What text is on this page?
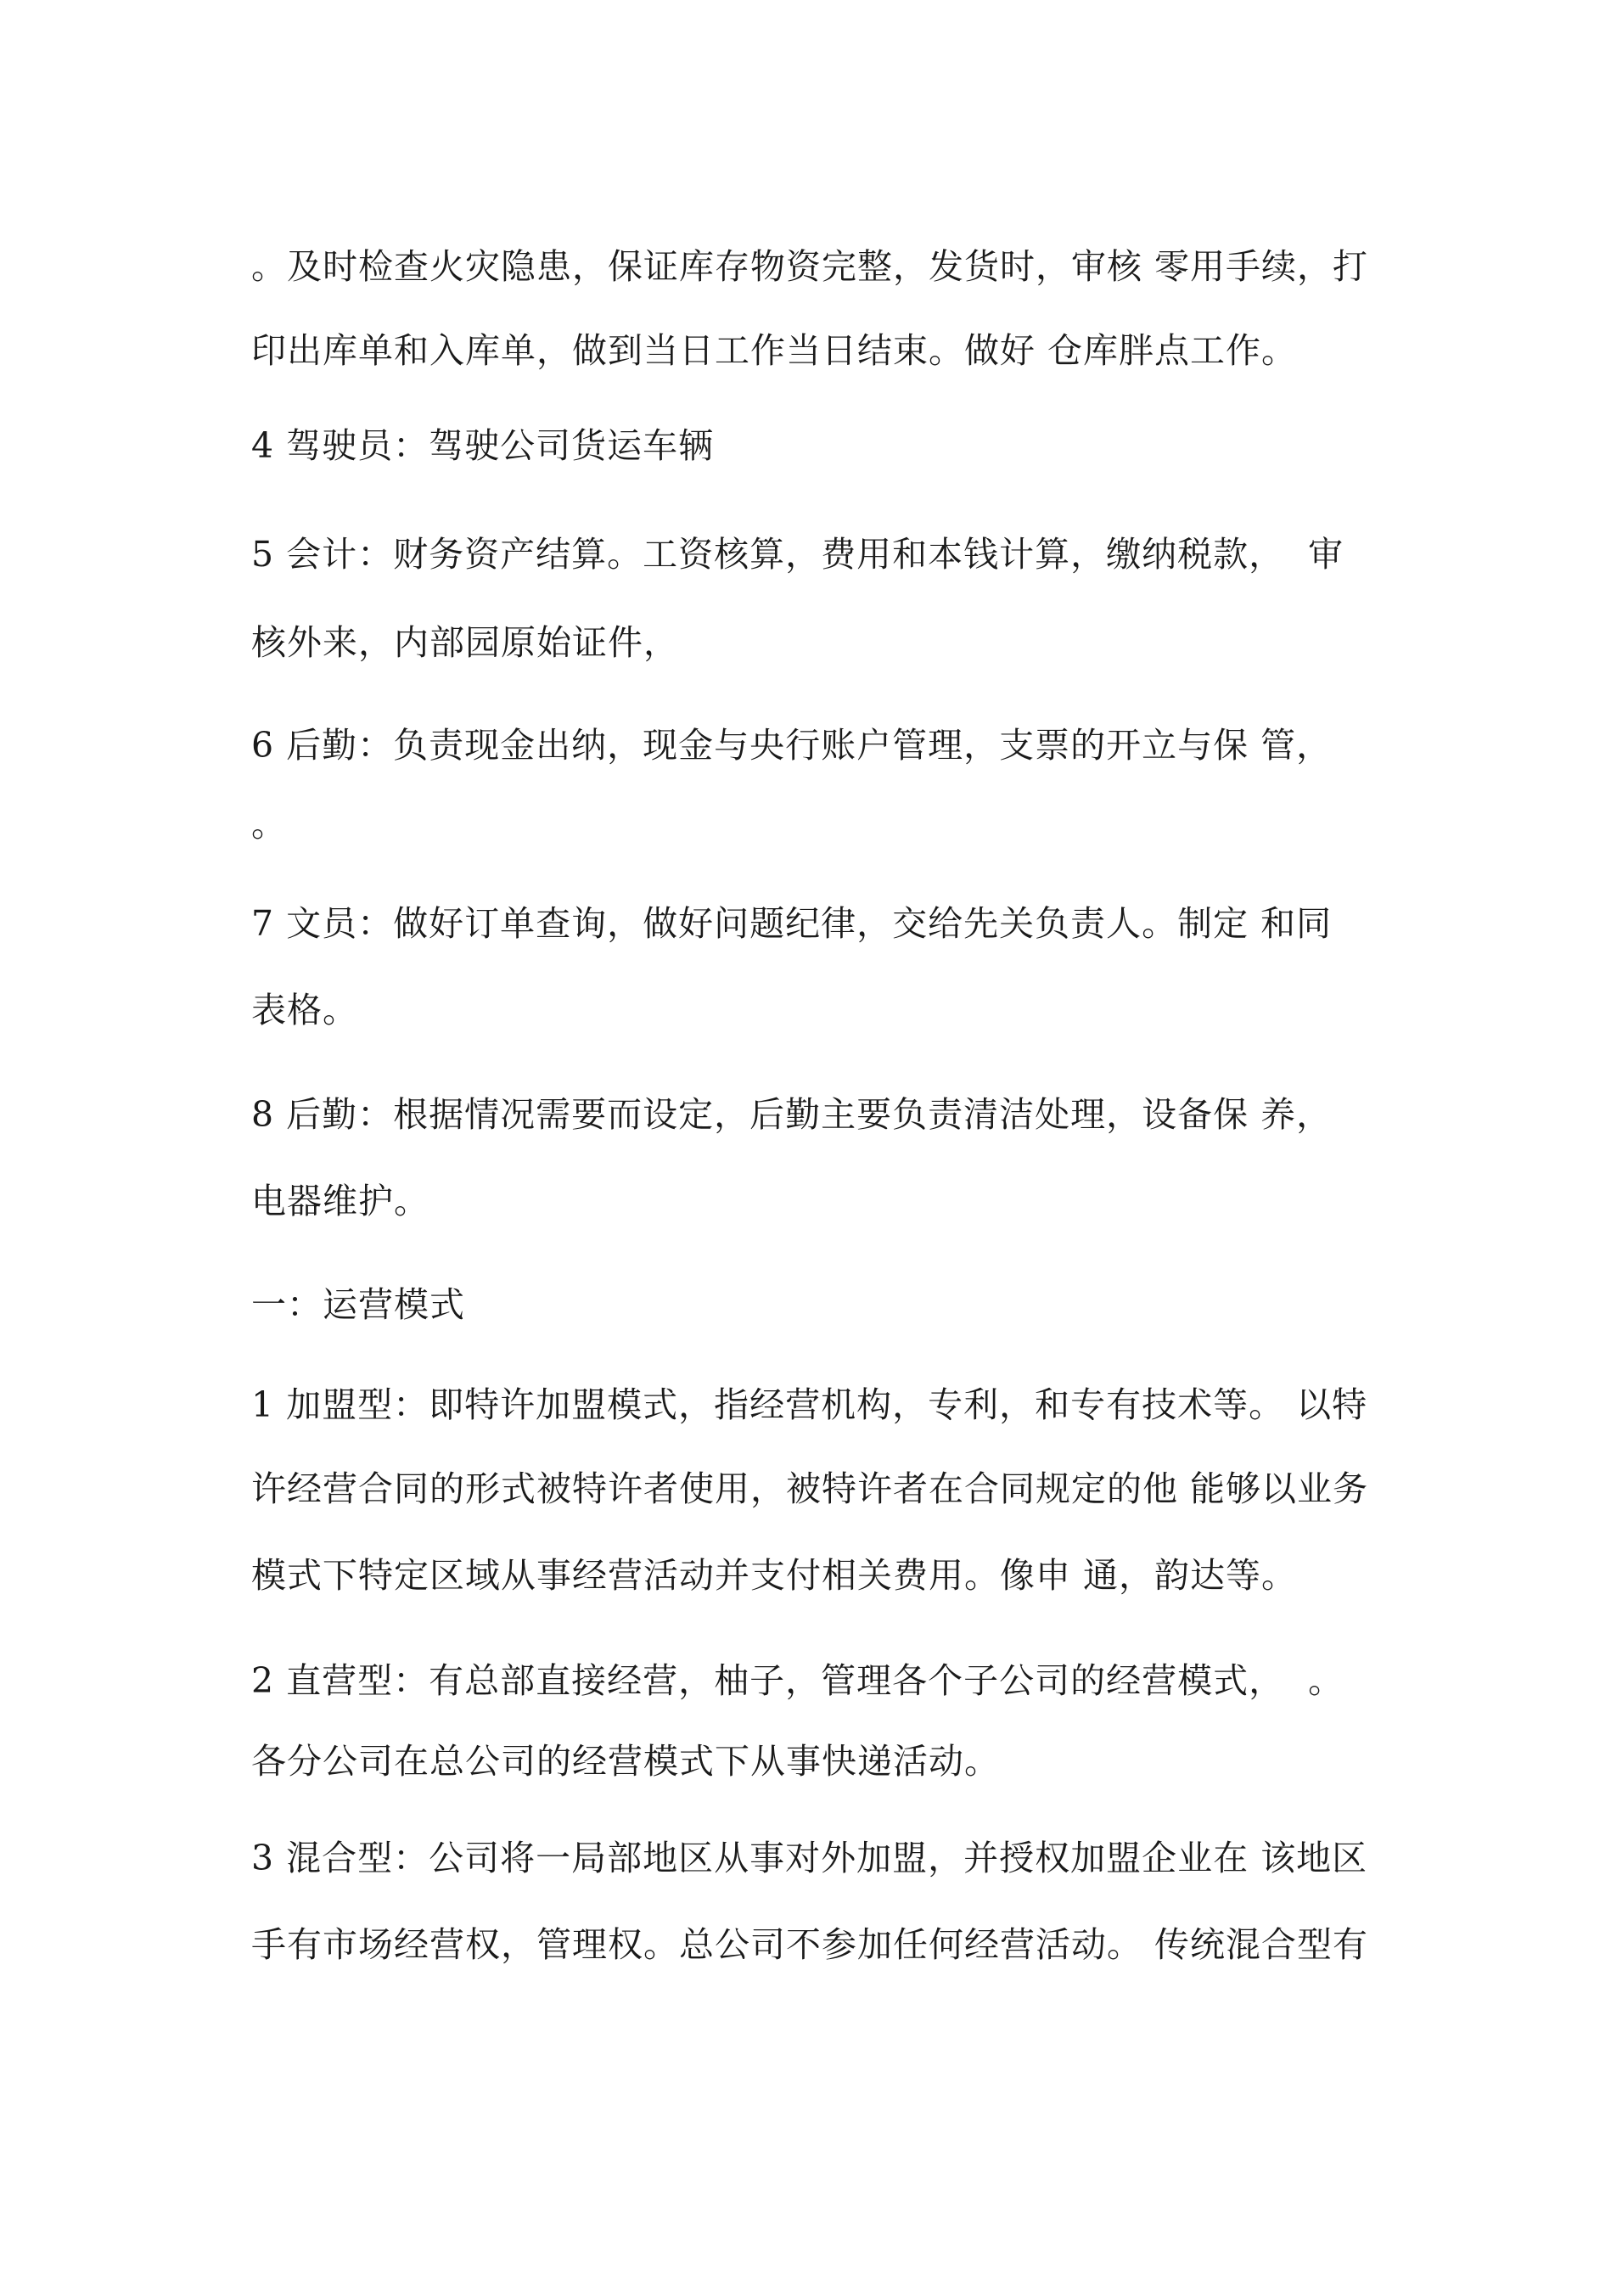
。及时检查火灾隐患，保证库存物资完整，发货时，审核 零用手续，打

印出库单和入库单，做到当日工作当日结束。做好 仓库胖点工作。

4 驾驶员：驾驶公司货运车辆

5 会计：财务资产结算。工资核算，费用和本钱计算，缴纳税款，  审

核外来，内部园原始证件，

6 后勤：负责现金出纳，现金与央行账户管理，支票的开立与保 管，

。

7 文员：做好订单查询，做好问题纪律，交给先关负责人。制定 和同

表格。

8 后勤：根据情况需要而设定，后勤主要负责清洁处理，设备保 养，

电器维护。

一：运营模式

1 加盟型：即特许加盟模式，指经营机构，专利，和专有技术等。 以特

许经营合同的形式被特许者使用，被特许者在合同规定的他 能够以业务

模式下特定区域从事经营活动并支付相关费用。像申 通，韵达等。

2 直营型：有总部直接经营，柚子，管理各个子公司的经营模式，  。

各分公司在总公司的经营模式下从事快递活动。

3 混合型：公司将一局部地区从事对外加盟，并授权加盟企业在 该地区

手有市场经营权，管理权。总公司不参加任何经营活动。 传统混合型有
